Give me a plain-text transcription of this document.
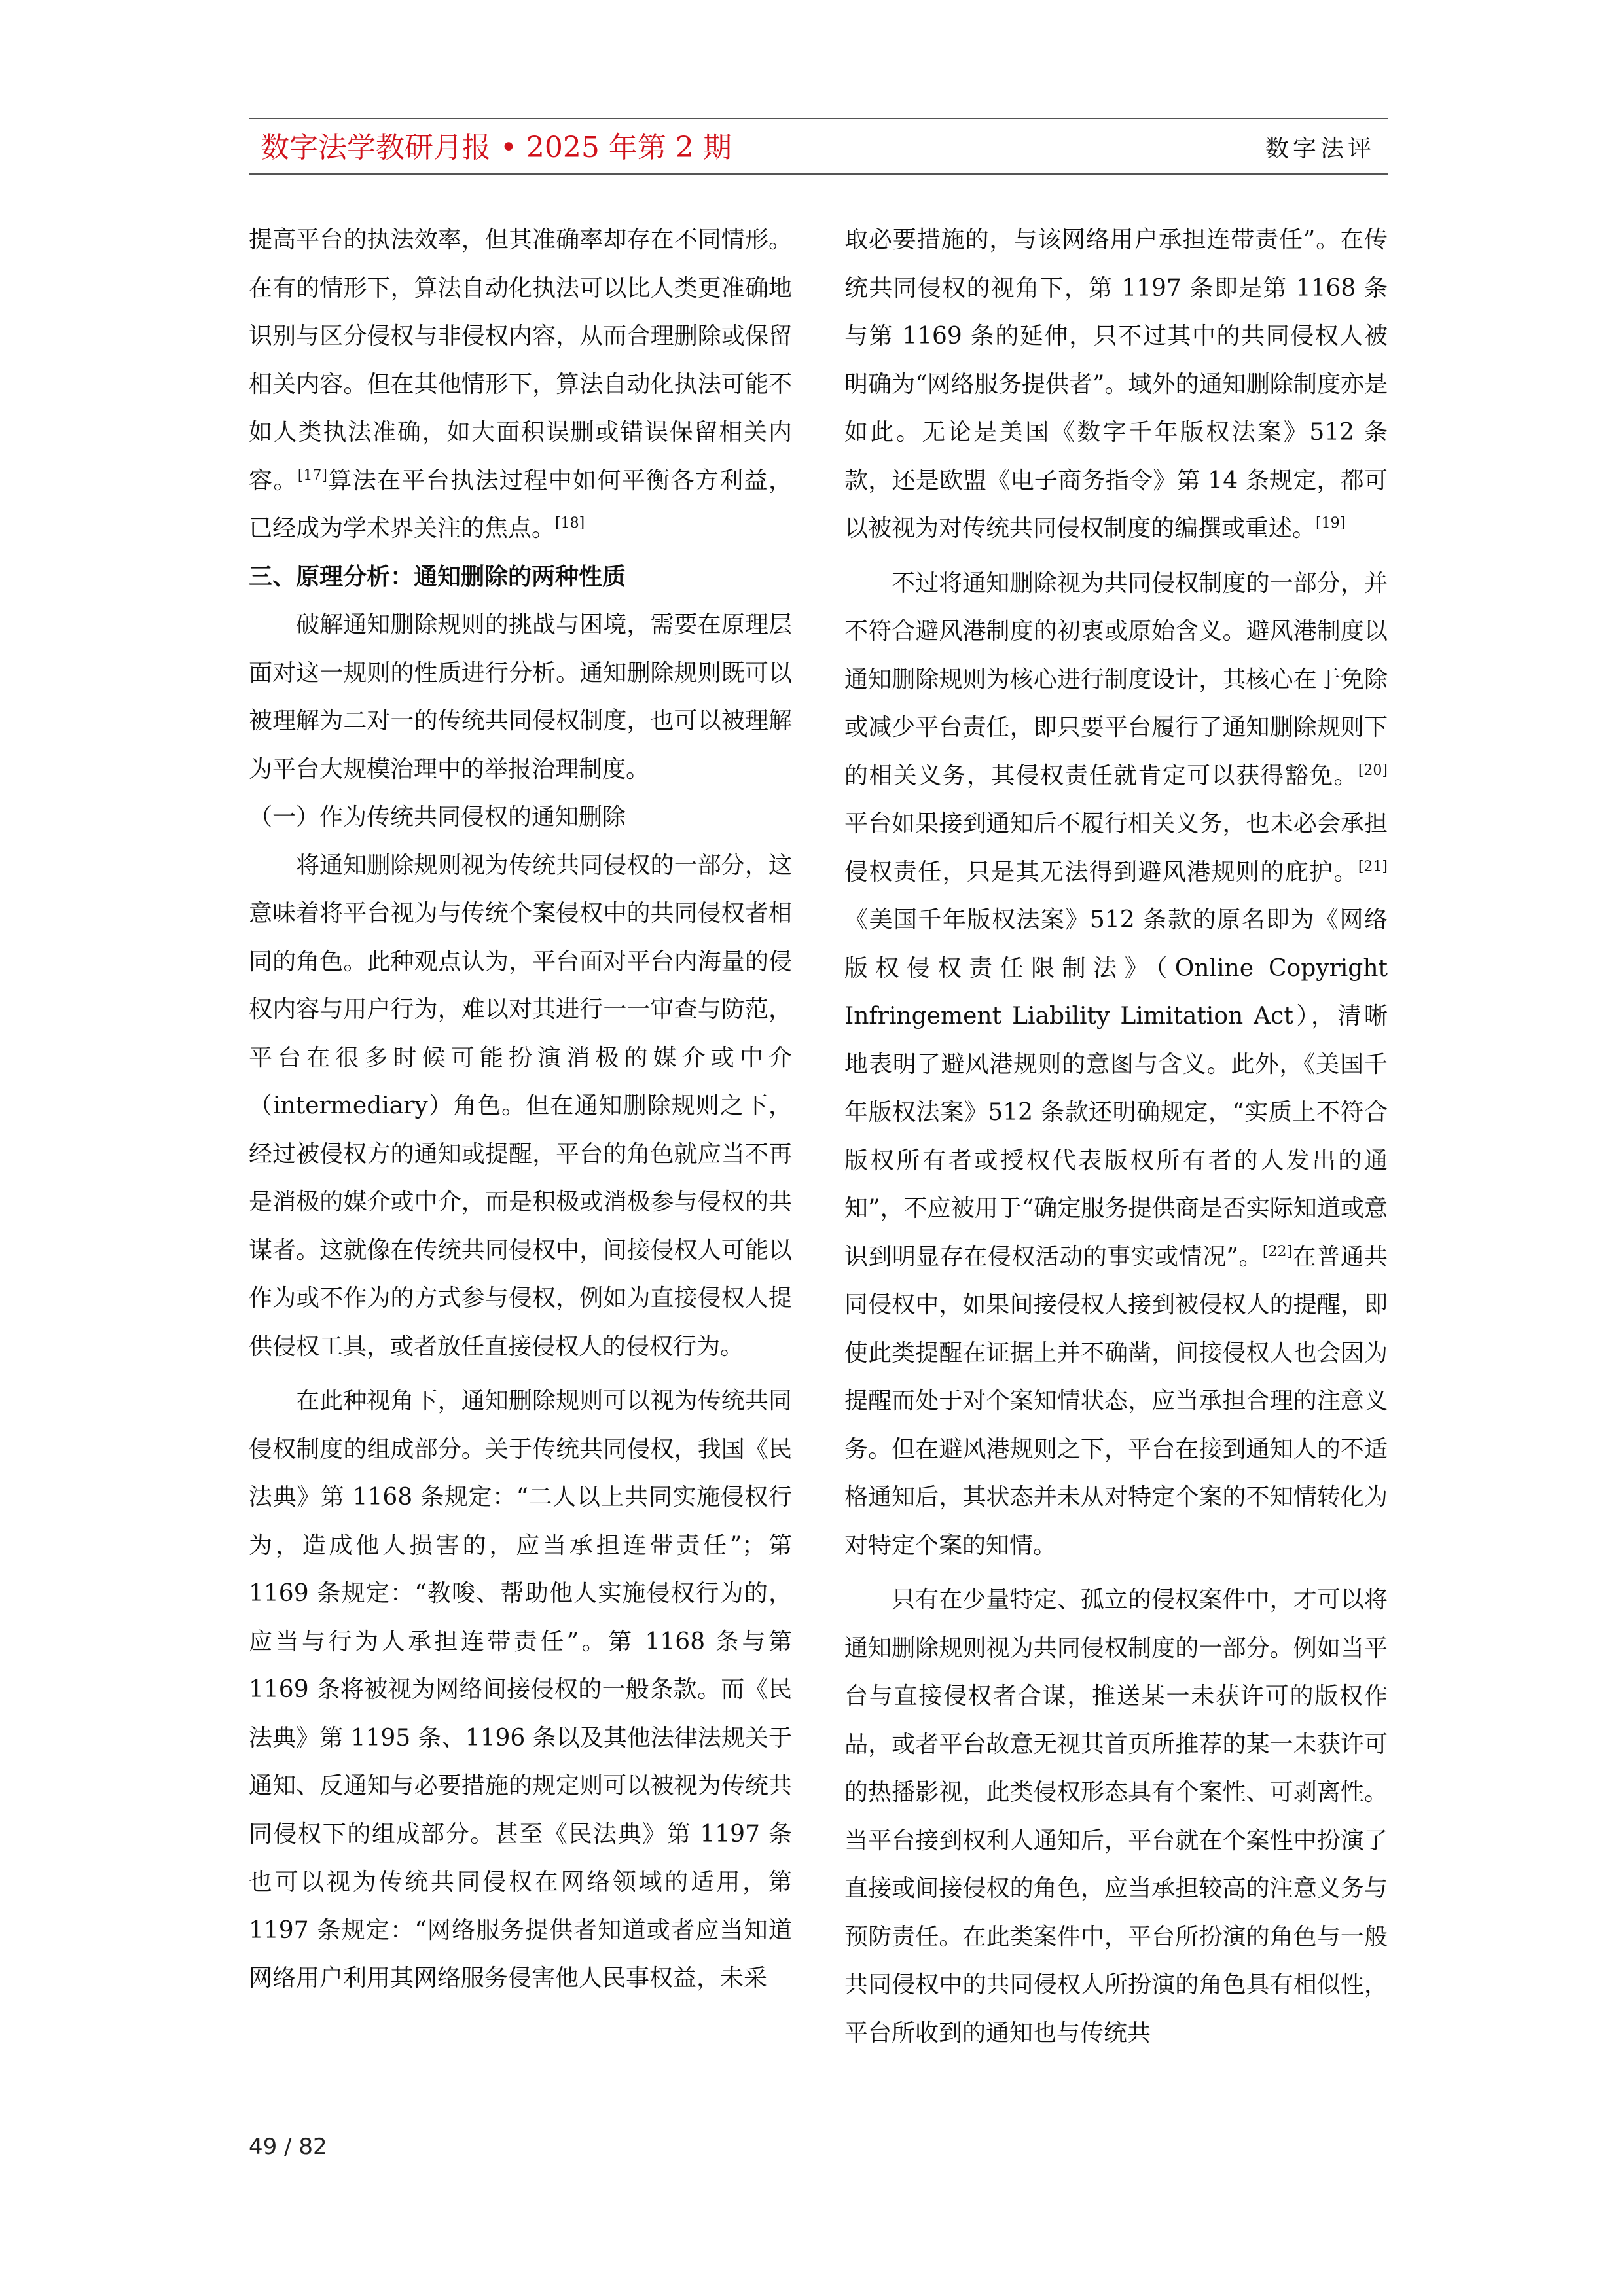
数字法学教研月报 • 2025 年第 2 期	数字法评

提高平台的执法效率，但其准确率却存在不同情形。在有的情形下，算法自动化执法可以比人类更准确地识别与区分侵权与非侵权内容，从而合理删除或保留相关内容。但在其他情形下，算法自动化执法可能不如人类执法准确，如大面积误删或错误保留相关内容。[17]算法在平台执法过程中如何平衡各方利益，已经成为学术界关注的焦点。[18]

三、原理分析：通知删除的两种性质

破解通知删除规则的挑战与困境，需要在原理层面对这一规则的性质进行分析。通知删除规则既可以被理解为二对一的传统共同侵权制度，也可以被理解为平台大规模治理中的举报治理制度。

（一）作为传统共同侵权的通知删除

将通知删除规则视为传统共同侵权的一部分，这意味着将平台视为与传统个案侵权中的共同侵权者相同的角色。此种观点认为，平台面对平台内海量的侵权内容与用户行为，难以对其进行一一审查与防范，平台在很多时候可能扮演消极的媒介或中介（intermediary）角色。但在通知删除规则之下，经过被侵权方的通知或提醒，平台的角色就应当不再是消极的媒介或中介，而是积极或消极参与侵权的共谋者。这就像在传统共同侵权中，间接侵权人可能以作为或不作为的方式参与侵权，例如为直接侵权人提供侵权工具，或者放任直接侵权人的侵权行为。

在此种视角下，通知删除规则可以视为传统共同侵权制度的组成部分。关于传统共同侵权，我国《民法典》第 1168 条规定：“二人以上共同实施侵权行为，造成他人损害的，应当承担连带责任”；第 1169 条规定：“教唆、帮助他人实施侵权行为的，应当与行为人承担连带责任”。第 1168 条与第 1169 条将被视为网络间接侵权的一般条款。而《民法典》第 1195 条、1196 条以及其他法律法规关于通知、反通知与必要措施的规定则可以被视为传统共同侵权下的组成部分。甚至《民法典》第 1197 条也可以视为传统共同侵权在网络领域的适用，第 1197 条规定：“网络服务提供者知道或者应当知道网络用户利用其网络服务侵害他人民事权益，未采

取必要措施的，与该网络用户承担连带责任”。在传统共同侵权的视角下，第 1197 条即是第 1168 条与第 1169 条的延伸，只不过其中的共同侵权人被明确为“网络服务提供者”。域外的通知删除制度亦是如此。无论是美国《数字千年版权法案》512 条款，还是欧盟《电子商务指令》第 14 条规定，都可以被视为对传统共同侵权制度的编撰或重述。[19]

不过将通知删除视为共同侵权制度的一部分，并不符合避风港制度的初衷或原始含义。避风港制度以通知删除规则为核心进行制度设计，其核心在于免除或减少平台责任，即只要平台履行了通知删除规则下的相关义务，其侵权责任就肯定可以获得豁免。[20]平台如果接到通知后不履行相关义务，也未必会承担侵权责任，只是其无法得到避风港规则的庇护。[21]《美国千年版权法案》512 条款的原名即为《网络版权侵权责任限制法》（Online Copyright Infringement Liability Limitation Act），清晰地表明了避风港规则的意图与含义。此外，《美国千年版权法案》512 条款还明确规定，“实质上不符合版权所有者或授权代表版权所有者的人发出的通知”，不应被用于“确定服务提供商是否实际知道或意识到明显存在侵权活动的事实或情况”。[22]在普通共同侵权中，如果间接侵权人接到被侵权人的提醒，即使此类提醒在证据上并不确凿，间接侵权人也会因为提醒而处于对个案知情状态，应当承担合理的注意义务。但在避风港规则之下，平台在接到通知人的不适格通知后，其状态并未从对特定个案的不知情转化为对特定个案的知情。

只有在少量特定、孤立的侵权案件中，才可以将通知删除规则视为共同侵权制度的一部分。例如当平台与直接侵权者合谋，推送某一未获许可的版权作品，或者平台故意无视其首页所推荐的某一未获许可的热播影视，此类侵权形态具有个案性、可剥离性。当平台接到权利人通知后，平台就在个案性中扮演了直接或间接侵权的角色，应当承担较高的注意义务与预防责任。在此类案件中，平台所扮演的角色与一般共同侵权中的共同侵权人所扮演的角色具有相似性，平台所收到的通知也与传统共

49 / 82
